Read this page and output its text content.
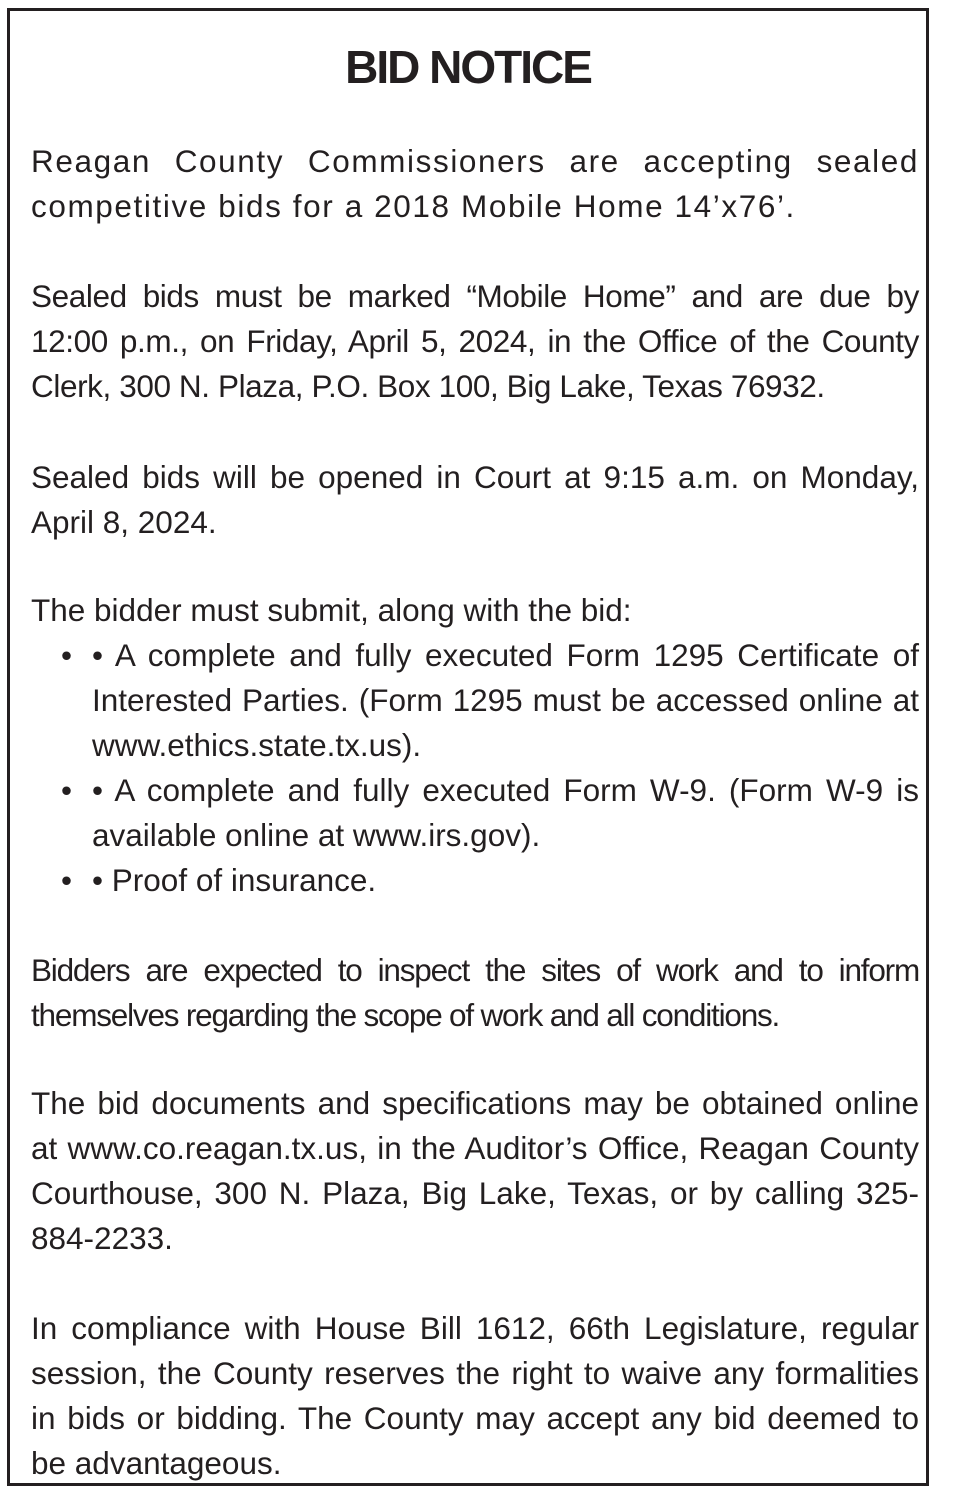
BID NOTICE

Reagan County Commissioners are accepting sealed competitive bids for a 2018 Mobile Home 14’x76’.

Sealed bids must be marked “Mobile Home” and are due by 12:00 p.m., on Friday, April 5, 2024, in the Office of the County Clerk, 300 N. Plaza, P.O. Box 100, Big Lake, Texas 76932.

Sealed bids will be opened in Court at 9:15 a.m. on Monday, April 8, 2024.

The bidder must submit, along with the bid:

• • A complete and fully executed Form 1295 Certificate of Interested Parties. (Form 1295 must be accessed online at www.ethics.state.tx.us).
• • A complete and fully executed Form W-9. (Form W-9 is available online at www.irs.gov).
• • Proof of insurance.

Bidders are expected to inspect the sites of work and to inform themselves regarding the scope of work and all conditions.

The bid documents and specifications may be obtained online at www.co.reagan.tx.us, in the Auditor’s Office, Reagan County Courthouse, 300 N. Plaza, Big Lake, Texas, or by calling 325-884-2233.

In compliance with House Bill 1612, 66th Legislature, regular session, the County reserves the right to waive any formalities in bids or bidding. The County may accept any bid deemed to be advantageous.
